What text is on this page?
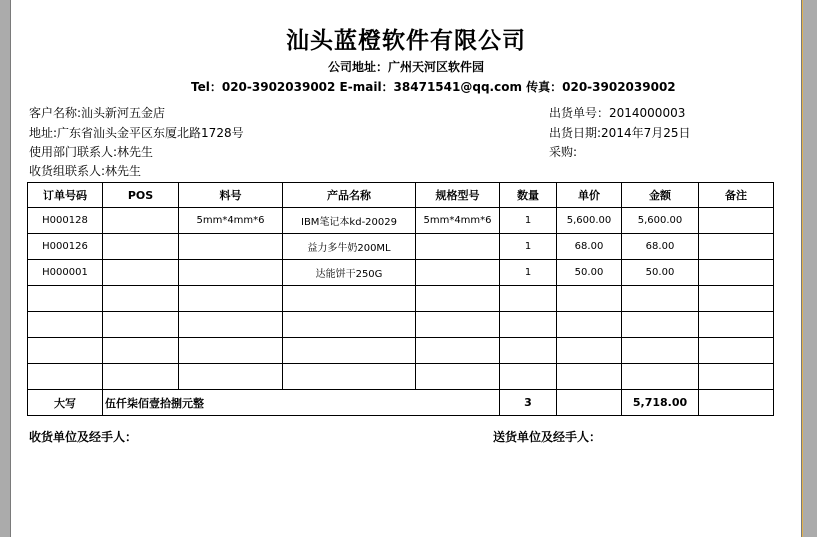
汕头蓝橙软件有限公司
公司地址：广州天河区软件园
Tel：020-3902039002 E-mail：38471541@qq.com 传真：020-3902039002
客户名称:汕头新河五金店
地址:广东省汕头金平区东厦北路1728号
使用部门联系人:林先生
收货组联系人:林先生
出货单号：2014000003
出货日期:2014年7月25日
采购:
订单号码	POS	料号	产品名称	规格型号	数量	单价	金额	备注
H000128		5mm*4mm*6	IBM笔记本kd-20029	5mm*4mm*6	1	5,600.00	5,600.00	
H000126			益力多牛奶200ML		1	68.00	68.00	
H000001			达能饼干250G		1	50.00	50.00	

大写	伍仟柒佰壹拾捌元整				3		5,718.00	
收货单位及经手人：	送货单位及经手人：
